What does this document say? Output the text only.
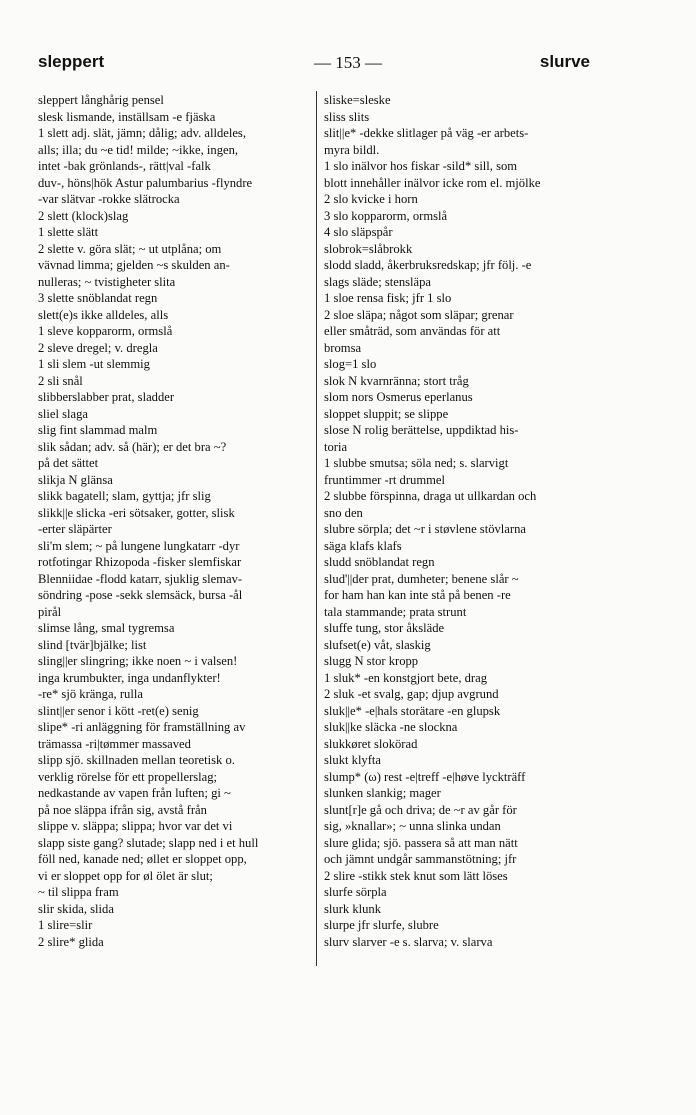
sleppert	— 153 —	slurve
sleppert långhårig pensel
slesk lismande, inställsam -e fjäska
1 slett adj. slät, jämn; dålig; adv. alldeles,
alls; illa; du ~e tid! milde; ~ikke, ingen,
intet -bak grönlands-, rätt|val -falk
duv-, höns|hök Astur palumbarius -flyndre
-var slätvar -rokke slätrocka
2 slett (klock)slag
1 slette slätt
2 slette v. göra slät; ~ ut utplåna; om
vävnad limma; gjelden ~s skulden an-
nulleras; ~ tvistigheter slita
3 slette snöblandat regn
slett(e)s ikke alldeles, alls
1 sleve kopparorm, ormslå
2 sleve dregel; v. dregla
1 sli slem -ut slemmig
2 sli snål
slibberslabber prat, sladder
sliel slaga
slig fint slammad malm
slik sådan; adv. så (här); er det bra ~?
på det sättet
slikja N glänsa
slikk bagatell; slam, gyttja; jfr slig
slikk||e slicka -eri sötsaker, gotter, slisk
-erter släpärter
sli'm slem; ~ på lungene lungkatarr -dyr
rotfotingar Rhizopoda -fisker slemfiskar
Blenniidae -flodd katarr, sjuklig slemav-
söndring -pose -sekk slemsäck, bursa -ål
pirål
slimse lång, smal tygremsa
slind [tvär]bjälke; list
sling||er slingring; ikke noen ~ i valsen!
inga krumbukter, inga undanflykter!
-re* sjö kränga, rulla
slint||er senor i kött -ret(e) senig
slipe* -ri anläggning för framställning av
trämassa -ri|tømmer massaved
slipp sjö. skillnaden mellan teoretisk o.
verklig rörelse för ett propellerslag;
nedkastande av vapen från luften; gi ~
på noe släppa ifrån sig, avstå från
slippe v. släppa; slippa; hvor var det vi
slapp siste gang? slutade; slapp ned i et hull
föll ned, kanade ned; øllet er sloppet opp,
vi er sloppet opp for øl ölet är slut;
~ til slippa fram
slir skida, slida
1 slire=slir
2 slire* glida
sliske=sleske
sliss slits
slit||e* -dekke slitlager på väg -er arbets-
myra bildl.
1 slo inälvor hos fiskar -sild* sill, som
blott innehåller inälvor icke rom el. mjölke
2 slo kvicke i horn
3 slo kopparorm, ormslå
4 slo släpspår
slobrok=slåbrokk
slodd sladd, åkerbruksredskap; jfr följ. -e
slags släde; stensläpa
1 sloe rensa fisk; jfr 1 slo
2 sloe släpa; något som släpar; grenar
eller småträd, som användas för att
bromsa
slog=1 slo
slok N kvarnränna; stort tråg
slom nors Osmerus eperlanus
sloppet sluppit; se slippe
slose N rolig berättelse, uppdiktad his-
toria
1 slubbe smutsa; söla ned; s. slarvigt
fruntimmer -rt drummel
2 slubbe förspinna, draga ut ullkardan och
sno den
slubre sörpla; det ~r i støvlene stövlarna
säga klafs klafs
sludd snöblandat regn
slud'||der prat, dumheter; benene slår ~
for ham han kan inte stå på benen -re
tala stammande; prata strunt
sluffe tung, stor åksläde
slufset(e) våt, slaskig
slugg N stor kropp
1 sluk* -en konstgjort bete, drag
2 sluk -et svalg, gap; djup avgrund
sluk||e* -e|hals storätare -en glupsk
sluk||ke släcka -ne slockna
slukkøret slokörad
slukt klyfta
slump* (ω) rest -e|treff -e|høve lyckträff
slunken slankig; mager
slunt[r]e gå och driva; de ~r av går för
sig, »knallar»; ~ unna slinka undan
slure glida; sjö. passera så att man nätt
och jämnt undgår sammanstötning; jfr
2 slire -stikk stek knut som lätt löses
slurfe sörpla
slurk klunk
slurpe jfr slurfe, slubre
slurv slarver -e s. slarva; v. slarva
